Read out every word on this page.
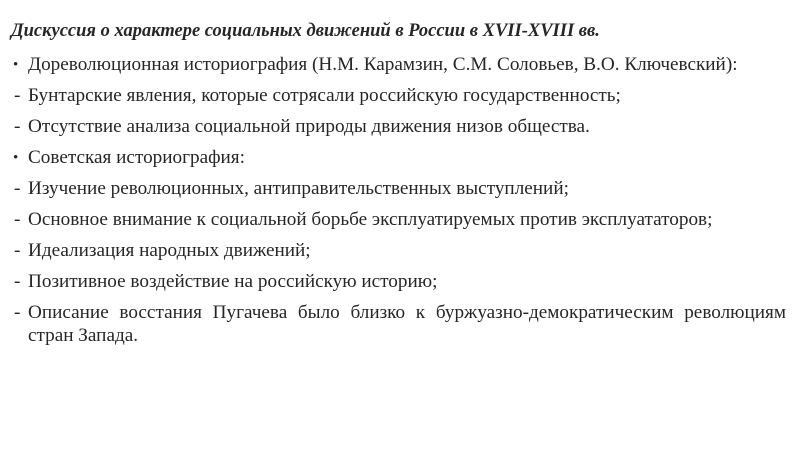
Дискуссия о характере социальных движений в России в XVII-XVIII вв.
• Дореволюционная историография (Н.М. Карамзин, С.М. Соловьев, В.О. Ключевский):
- Бунтарские явления, которые сотрясали российскую государственность;
- Отсутствие анализа социальной природы движения низов общества.
• Советская историография:
- Изучение революционных, антиправительственных выступлений;
- Основное внимание к социальной борьбе эксплуатируемых против эксплуататоров;
- Идеализация народных движений;
- Позитивное воздействие на российскую историю;
- Описание восстания Пугачева было близко к буржуазно-демократическим революциям стран Запада.
